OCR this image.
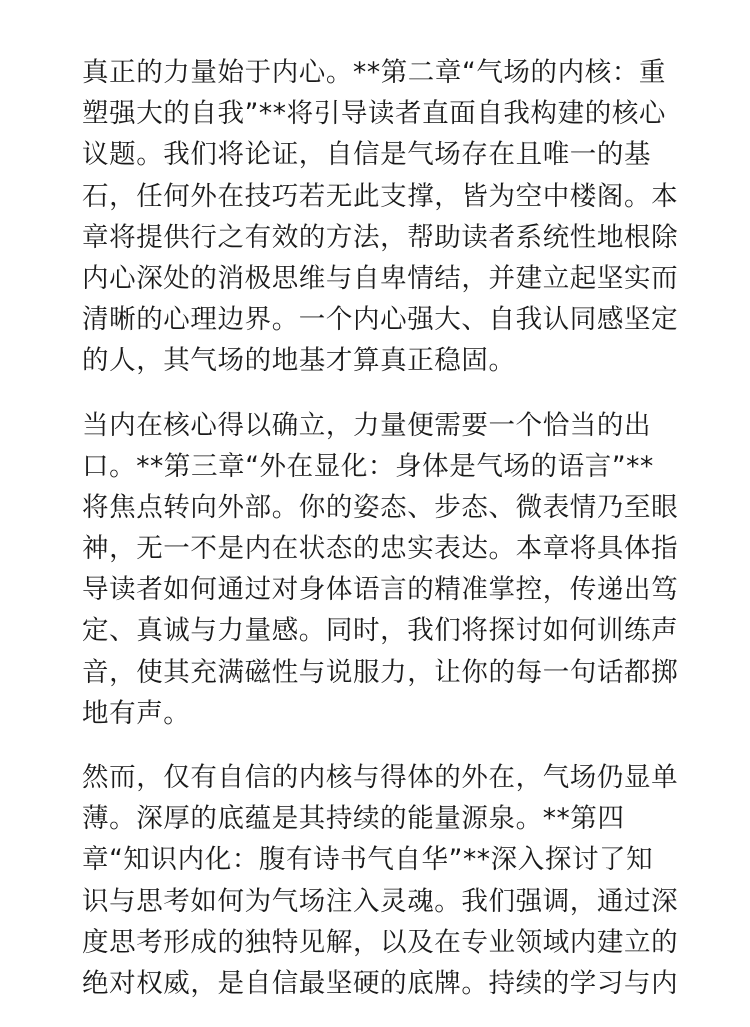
真正的力量始于内心。**第二章“气场的内核：重
塑强大的自我”**将引导读者直面自我构建的核心
议题。我们将论证，自信是气场存在且唯一的基
石，任何外在技巧若无此支撑，皆为空中楼阁。本
章将提供行之有效的方法，帮助读者系统性地根除
内心深处的消极思维与自卑情结，并建立起坚实而
清晰的心理边界。一个内心强大、自我认同感坚定
的人，其气场的地基才算真正稳固。

当内在核心得以确立，力量便需要一个恰当的出
口。**第三章“外在显化：身体是气场的语言”**
将焦点转向外部。你的姿态、步态、微表情乃至眼
神，无一不是内在状态的忠实表达。本章将具体指
导读者如何通过对身体语言的精准掌控，传递出笃
定、真诚与力量感。同时，我们将探讨如何训练声
音，使其充满磁性与说服力，让你的每一句话都掷
地有声。

然而，仅有自信的内核与得体的外在，气场仍显单
薄。深厚的底蕴是其持续的能量源泉。**第四
章“知识内化：腹有诗书气自华”**深入探讨了知
识与思考如何为气场注入灵魂。我们强调，通过深
度思考形成的独特见解，以及在专业领域内建立的
绝对权威，是自信最坚硬的底牌。持续的学习与内
